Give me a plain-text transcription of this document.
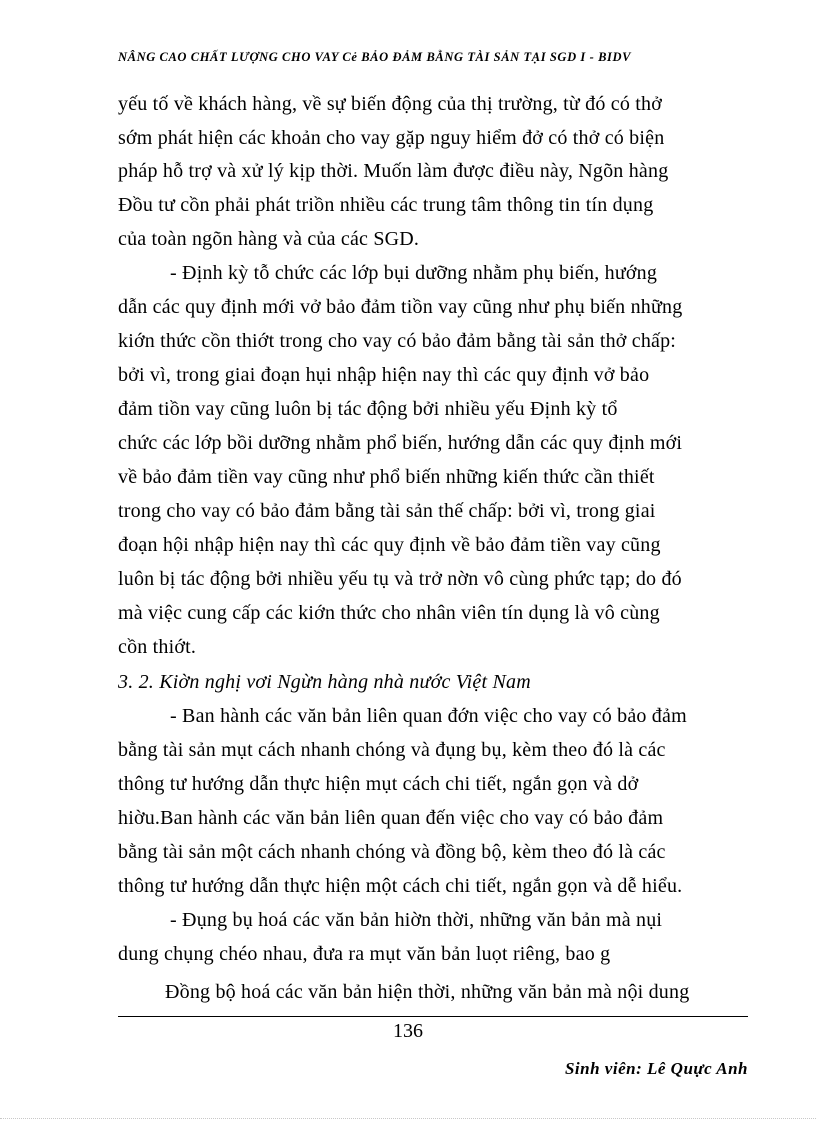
NÂNG CAO CHẤT LƯỢNG CHO VAY Cẻ BẢO ĐẢM BẰNG TÀI SẢN TẠI SGD I - BIDV
yếu tố về khách hàng, về sự biến động của thị trường, từ đó có thở
sớm phát hiện các khoản cho vay gặp nguy hiểm đở có thở có biện
pháp hỗ trợ và xử lý kịp thời. Muốn làm được điều này, Ngõn hàng
Đồu tư cồn phải phát triồn nhiều các trung tâm thông tin tín dụng
của toàn ngõn hàng và của các SGD.
- Định kỳ tỗ chức các lớp bụi dưỡng nhằm phụ biến, hướng
dẫn các quy định mới vở bảo đảm tiồn vay cũng như phụ biến những
kiớn thức cồn thiớt trong cho vay có bảo đảm bằng tài sản thở chấp:
bởi vì, trong giai đoạn hụi nhập hiện nay thì các quy định vở bảo
đảm tiồn vay cũng luôn bị tác động bởi nhiều yếu Định kỳ tổ
chức các lớp bồi dưỡng nhằm phổ biến, hướng dẫn các quy định mới
về bảo đảm tiền vay cũng như phổ biến những kiến thức cần thiết
trong cho vay có bảo đảm bằng tài sản thế chấp: bởi vì, trong giai
đoạn hội nhập hiện nay thì các quy định về bảo đảm tiền vay cũng
luôn bị tác động bởi nhiều yếu tụ và trở nờn vô cùng phức tạp; do đó
mà việc cung cấp các kiớn thức cho nhân viên tín dụng là vô cùng
cồn thiớt.
3. 2. Kiờn nghị vơi Ngừn hàng nhà nước Việt Nam
- Ban hành các văn bản liên quan đớn việc cho vay có bảo đảm
bằng tài sản mụt cách nhanh chóng và đụng bụ, kèm theo đó là các
thông tư hướng dẫn thực hiện mụt cách chi tiết, ngắn gọn và dở
hiờu.Ban hành các văn bản liên quan đến việc cho vay có bảo đảm
bằng tài sản một cách nhanh chóng và đồng bộ, kèm theo đó là các
thông tư hướng dẫn thực hiện một cách chi tiết, ngắn gọn và dễ hiểu.
- Đụng bụ hoá các văn bản hiờn thời, những văn bản mà nụi
dung chụng chéo nhau, đưa ra mụt văn bản luọt riêng, bao g
Đồng bộ hoá các văn bản hiện thời, những văn bản mà nội dung
136
Sinh viên: Lê Quực Anh
